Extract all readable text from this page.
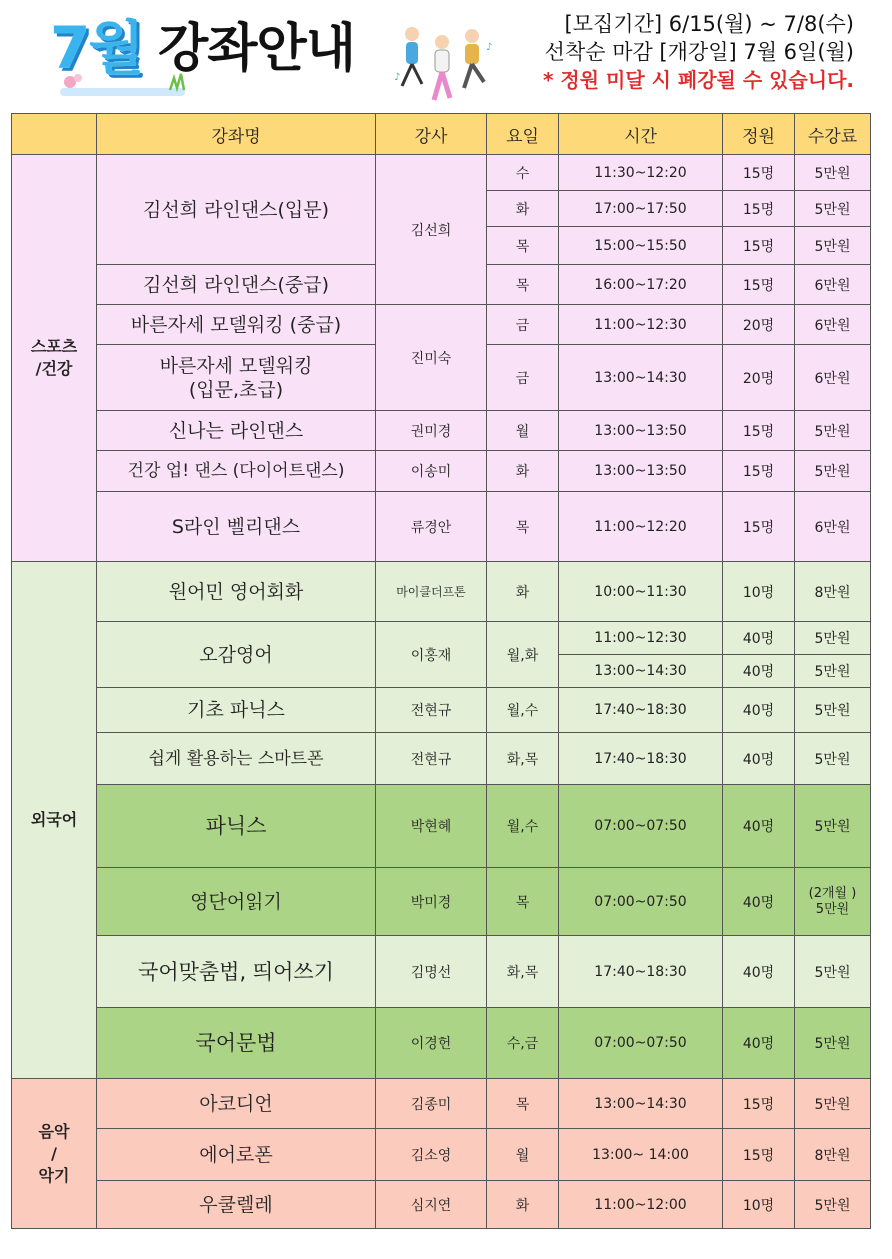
7월 강좌안내	♪
♪
[모집기간] 6/15(월) ~ 7/8(수)
선착순 마감 [개강일] 7월 6일(월)
* 정원 미달 시 폐강될 수 있습니다.
	강좌명	강사	요일	시간	정원	수강료
스포츠
/건강	김선희 라인댄스(입문)	김선희	수	11:30~12:20	15명	5만원
			화	17:00~17:50	15명	5만원
			목	15:00~15:50	15명	5만원
	김선희 라인댄스(중급)		목	16:00~17:20	15명	6만원
	바른자세 모델워킹 (중급)	진미숙	금	11:00~12:30	20명	6만원
	바른자세 모델워킹
(입문,초급)		금	13:00~14:30	20명	6만원
	신나는 라인댄스	권미경	월	13:00~13:50	15명	5만원
	건강 업! 댄스 (다이어트댄스)	이송미	화	13:00~13:50	15명	5만원
	S라인 벨리댄스	류경안	목	11:00~12:20	15명	6만원

외국어	원어민 영어회화	마이클더프톤	화	10:00~11:30	10명	8만원
	오감영어	이홍재	월,화	11:00~12:30	40명	5만원
				13:00~14:30	40명	5만원
	기초 파닉스	전현규	월,수	17:40~18:30	40명	5만원
	쉽게 활용하는 스마트폰	전현규	화,목	17:40~18:30	40명	5만원
	파닉스	박현혜	월,수	07:00~07:50	40명	5만원
	영단어읽기	박미경	목	07:00~07:50	40명	(2개월 )
5만원
	국어맞춤법, 띄어쓰기	김명선	화,목	17:40~18:30	40명	5만원
	국어문법	이경헌	수,금	07:00~07:50	40명	5만원

음악
/
악기	아코디언	김종미	목	13:00~14:30	15명	5만원
	에어로폰	김소영	월	13:00~ 14:00	15명	8만원
	우쿨렐레	심지연	화	11:00~12:00	10명	5만원
